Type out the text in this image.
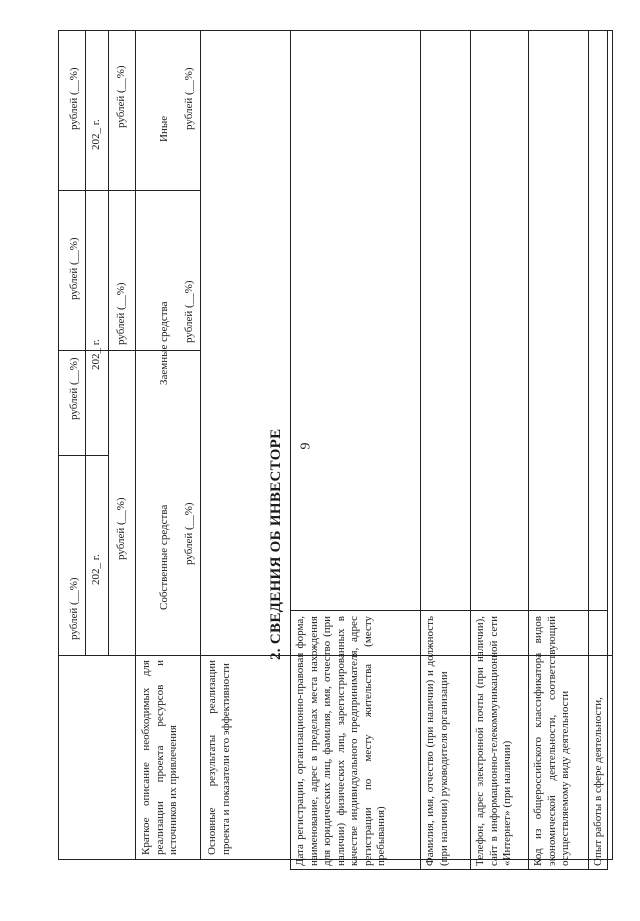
9
рублей (__%)
рублей (__%)
рублей (__%)
рублей (__%)
202_ г.
202_ г.
202_ г.
рублей (__%)
рублей (__%)
рублей (__%)
Краткое описание необходимых для реализации проекта ресурсов и источников их привлечения
Собственные средства
Заемные средства
Иные
рублей (__%)
рублей (__%)
рублей (__%)
Основные результаты реализации проекта и показатели его эффективности
2. СВЕДЕНИЯ ОБ ИНВЕСТОРЕ
Дата регистрации, организационно-правовая форма, наименование, адрес в пределах места нахождения для юридических лиц, фамилия, имя, отчество (при наличии) физических лиц, зарегистрированных в качестве индивидуального предпринимателя, адрес регистрации по месту жительства (месту пребывания)	Фамилия, имя, отчество (при наличии) и должность (при наличии) руководителя организации Телефон, адрес электронной почты (при наличии), сайт в информационно-телекоммуникационной сети «Интернет» (при наличии) Код из общероссийского классификатора видов экономической деятельности, соответствующий осуществляемому виду деятельности Опыт работы в сфере деятельности,
